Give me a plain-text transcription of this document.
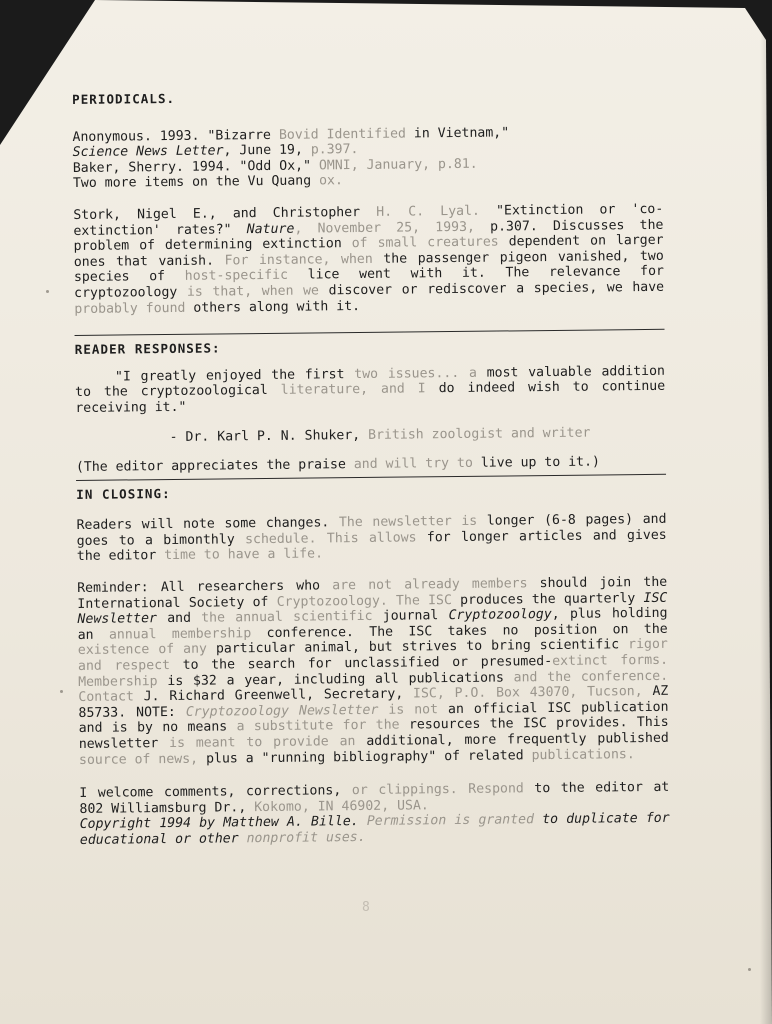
PERIODICALS.

Anonymous. 1993. "Bizarre Bovid Identified in Vietnam,"

Science News Letter, June 19, p.397.

Baker, Sherry. 1994. "Odd Ox," OMNI, January, p.81.

Two more items on the Vu Quang ox.

Stork, Nigel E., and Christopher H. C. Lyal. "Extinction or 'co-extinction' rates?" Nature, November 25, 1993, p.307. Discusses the problem of determining extinction of small creatures dependent on larger ones that vanish. For instance, when the passenger pigeon vanished, two species of host-specific lice went with it. The relevance for cryptozoology is that, when we discover or rediscover a species, we have probably found others along with it.

READER RESPONSES:

"I greatly enjoyed the first two issues... a most valuable addition to the cryptozoological literature, and I do indeed wish to continue receiving it."

- Dr. Karl P. N. Shuker, British zoologist and writer

(The editor appreciates the praise and will try to live up to it.)

IN CLOSING:

Readers will note some changes. The newsletter is longer (6-8 pages) and goes to a bimonthly schedule. This allows for longer articles and gives the editor time to have a life.

Reminder: All researchers who are not already members should join the International Society of Cryptozoology. The ISC produces the quarterly ISC Newsletter and the annual scientific journal Cryptozoology, plus holding an annual membership conference. The ISC takes no position on the existence of any particular animal, but strives to bring scientific rigor and respect to the search for unclassified or presumed-extinct forms. Membership is $32 a year, including all publications and the conference. Contact J. Richard Greenwell, Secretary, ISC, P.O. Box 43070, Tucson, AZ 85733. NOTE: Cryptozoology Newsletter is not an official ISC publication and is by no means a substitute for the resources the ISC provides. This newsletter is meant to provide an additional, more frequently published source of news, plus a "running bibliography" of related publications.

I welcome comments, corrections, or clippings. Respond to the editor at 802 Williamsburg Dr., Kokomo, IN 46902, USA.

Copyright 1994 by Matthew A. Bille. Permission is granted to duplicate for educational or other nonprofit uses.

8
